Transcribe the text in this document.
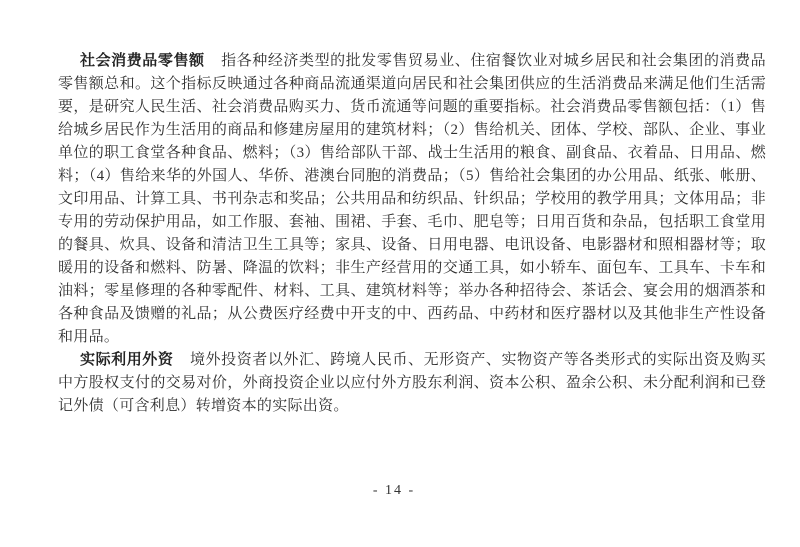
社会消费品零售额 指各种经济类型的批发零售贸易业、住宿餐饮业对城乡居民和社会集团的消费品零售额总和。这个指标反映通过各种商品流通渠道向居民和社会集团供应的生活消费品来满足他们生活需要，是研究人民生活、社会消费品购买力、货币流通等问题的重要指标。社会消费品零售额包括：（1）售给城乡居民作为生活用的商品和修建房屋用的建筑材料；（2）售给机关、团体、学校、部队、企业、事业单位的职工食堂各种食品、燃料；（3）售给部队干部、战士生活用的粮食、副食品、衣着品、日用品、燃料；（4）售给来华的外国人、华侨、港澳台同胞的消费品；（5）售给社会集团的办公用品、纸张、帐册、文印用品、计算工具、书刊杂志和奖品；公共用品和纺织品、针织品；学校用的教学用具；文体用品；非专用的劳动保护用品，如工作服、套袖、围裙、手套、毛巾、肥皂等；日用百货和杂品，包括职工食堂用的餐具、炊具、设备和清洁卫生工具等；家具、设备、日用电器、电讯设备、电影器材和照相器材等；取暖用的设备和燃料、防暑、降温的饮料；非生产经营用的交通工具，如小轿车、面包车、工具车、卡车和油料；零星修理的各种零配件、材料、工具、建筑材料等；举办各种招待会、茶话会、宴会用的烟酒茶和各种食品及馈赠的礼品；从公费医疗经费中开支的中、西药品、中药材和医疗器材以及其他非生产性设备和用品。

实际利用外资 境外投资者以外汇、跨境人民币、无形资产、实物资产等各类形式的实际出资及购买中方股权支付的交易对价，外商投资企业以应付外方股东利润、资本公积、盈余公积、未分配利润和已登记外债（可含利息）转增资本的实际出资。

- 14 -
